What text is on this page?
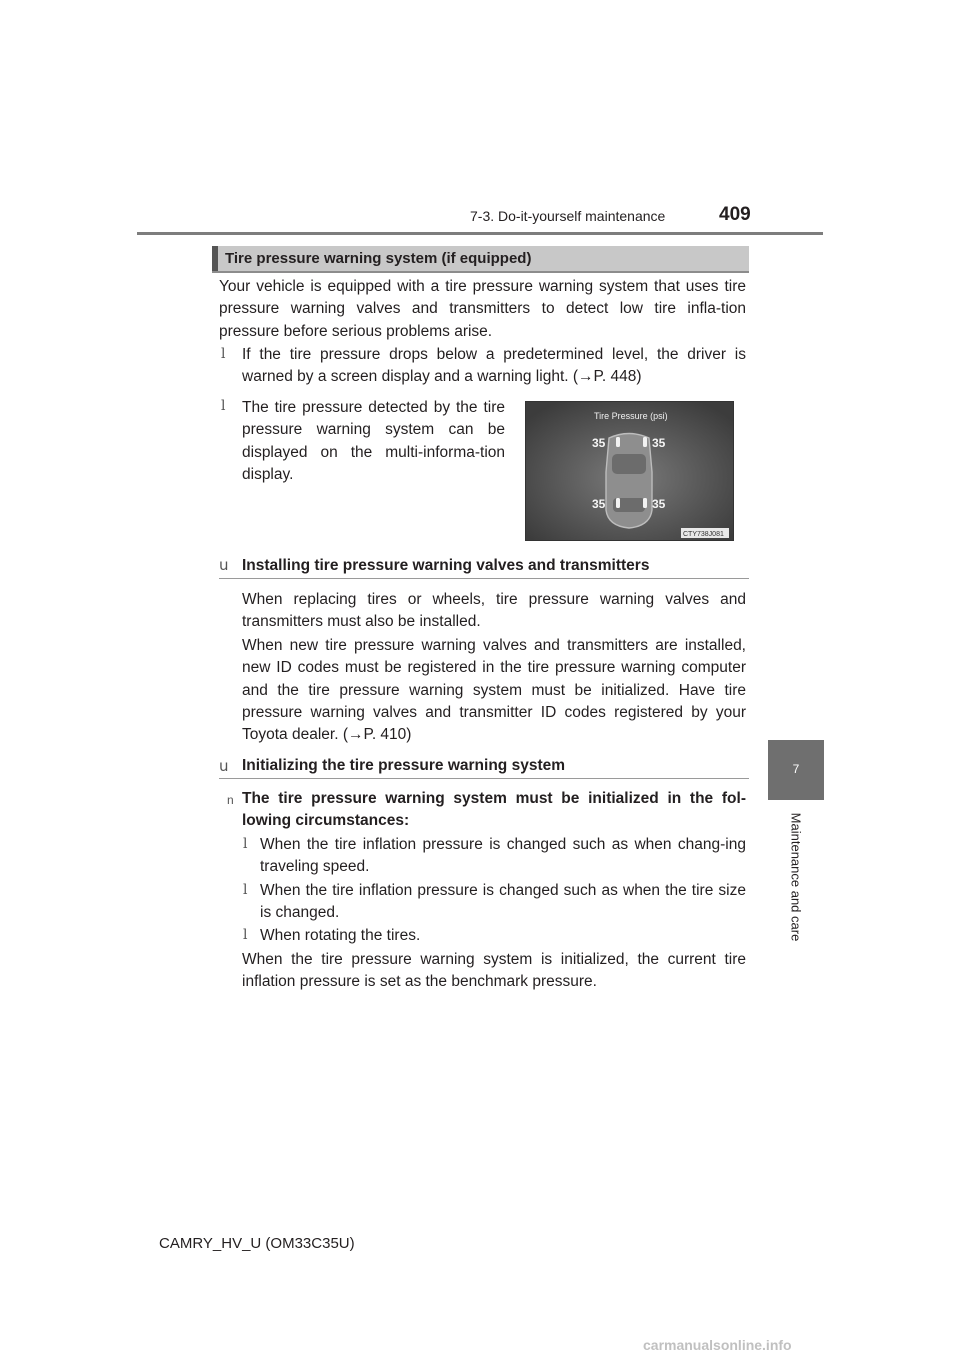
7-3. Do-it-yourself maintenance	409
7
Maintenance and care
Tire pressure warning system (if equipped)
Your vehicle is equipped with a tire pressure warning system that uses tire pressure warning valves and transmitters to detect low tire infla-tion pressure before serious problems arise.
l If the tire pressure drops below a predetermined level, the driver is warned by a screen display and a warning light. (→P. 448)
l The tire pressure detected by the tire pressure warning system can be displayed on the multi-informa-tion display.
Tire Pressure (psi)
35	35
35	35
CTY738J081
u Installing tire pressure warning valves and transmitters
When replacing tires or wheels, tire pressure warning valves and transmitters must also be installed.
When new tire pressure warning valves and transmitters are installed, new ID codes must be registered in the tire pressure warning computer and the tire pressure warning system must be initialized. Have tire pressure warning valves and transmitter ID codes registered by your Toyota dealer. (→P. 410)
u Initializing the tire pressure warning system
n The tire pressure warning system must be initialized in the fol-lowing circumstances:
l When the tire inflation pressure is changed such as when chang-ing traveling speed.
l When the tire inflation pressure is changed such as when the tire size is changed.
l When rotating the tires.
When the tire pressure warning system is initialized, the current tire inflation pressure is set as the benchmark pressure.
CAMRY_HV_U (OM33C35U)
carmanualsonline.info
